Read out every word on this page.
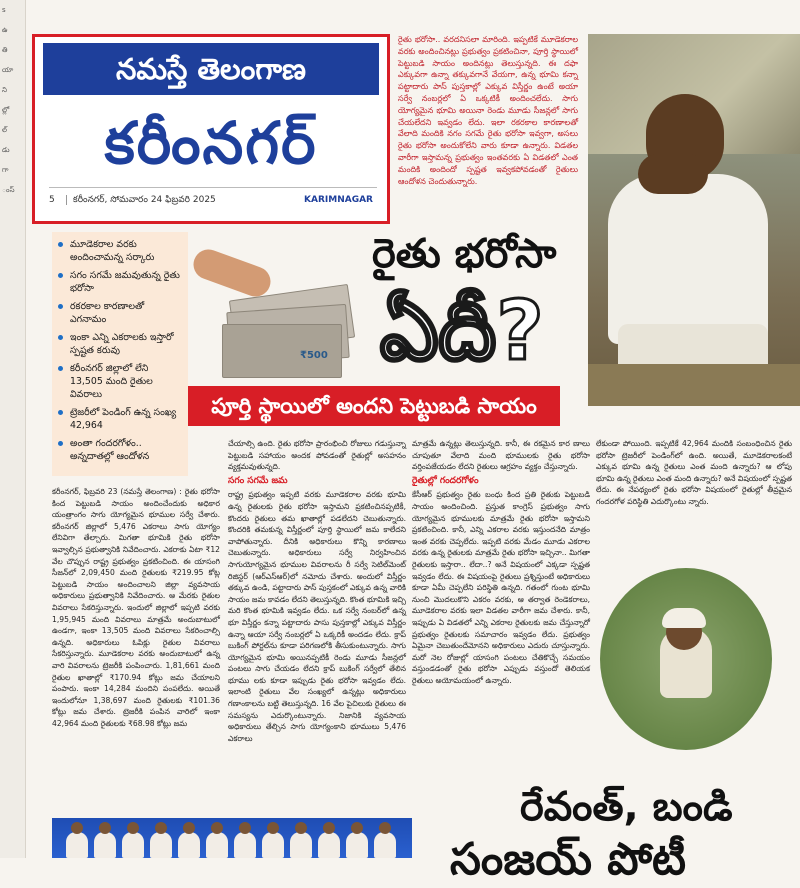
s
ఉ
తి
యా
ని
ల్లో
ల్
డు
గా
ంస్
నమస్తే తెలంగాణ
కరీంనగర్
5 కరీంనగర్, సోమవారం 24 ఫిబ్రవరి 2025	KARIMNAGAR
రైతు భరోసా.. వరదనిసలా మారింది. ఇప్పటికే మూడెకరాల వరకు అందించినట్లు ప్రభుత్వం ప్రకటించినా, పూర్తి స్థాయిలో పెట్టుబడి సాయం అందినట్లు తెలుస్తున్నది. ఈ దఫా ఎక్కువగా ఉన్నా తక్కువగానే వేయగా, ఉన్న భూమి కన్నా పట్టాదారు పాస్ పుస్తకాల్లో ఎక్కువ విస్తీర్ణం ఉంటే అయా సర్వే నంబర్లలో ఏ ఒక్కటికీ అందించలేదు. సాగు యోగ్యమైన భూమి అయినా రెండు మూడు సీజన్లలో సాగు చేయలేదని ఇవ్వడం లేదు. ఇలా రకరకాల కారణాలతో వేలాది మందికి నగం సగమే రైతు భరోసా ఇవ్వగా, అసలు రైతు భరోసా అందుకోలేని వారు కూడా ఉన్నారు. విడతల వారీగా ఇస్తామన్న ప్రభుత్వం ఇంతవరకు ఏ విడతలో ఎంత మందికి అందిందో స్పష్టత ఇవ్వకపోవడంతో రైతులు ఆందోళన చెందుతున్నారు.
మూడెకరాల వరకు అందించామన్న సర్కారు
సగం సగమే జమవుతున్న రైతు భరోసా
రకరకాల కారణాలతో ఎగనామం
ఇంకా ఎన్ని ఎకరాలకు ఇస్తారో స్పష్టత కరువు
కరీంనగర్ జిల్లాలో లేని 13,505 మంది రైతుల వివరాలు
ట్రెజరీలో పెండింగ్ ఉన్న సంఖ్య 42,964
అంతా గందరగోళం.. అన్నదాతల్లో ఆందోళన
₹500
రైతు భరోసా
ఏదీ?
పూర్తి స్థాయిలో అందని పెట్టుబడి సాయం
కరీంనగర్, ఫిబ్రవరి 23 (నమస్తే తెలంగాణ) : రైతు భరోసా కింద పెట్టుబడి సాయం అందించేందుకు అధికార యంత్రాంగం సాగు యోగ్యమైన భూముల సర్వే చేశారు. కరీంనగర్ జిల్లాలో 5,476 ఎకరాలు సాగు యోగ్యం లేనివిగా తేల్చారు. మిగతా భూమికి రైతు భరోసా ఇవ్వాల్సిన ప్రభుత్వానికి నివేదించారు. ఎకరాకు ఏటా ₹12 వేల చొప్పున రాష్ట్ర ప్రభుత్వం ప్రకటించింది. ఈ యాసంగి సీజన్‌లో 2,09,450 మంది రైతులకు ₹219.95 కోట్ల పెట్టుబడి సాయం అందించాలని జిల్లా వ్యవసాయ అధికారులు ప్రభుత్వానికి నివేదించారు. ఆ మేరకు రైతుల వివరాలు సేకరిస్తున్నారు. ఇందులో జిల్లాలో ఇప్పటి వరకు 1,95,945 మంది వివరాలు మాత్రమే అందుబాటులో ఉండగా, ఇంకా 13,505 మంది వివరాలు సేకరించాల్సి ఉన్నది. అధికారులు ఓపిక్లు రైతుల వివరాలు సేకరిస్తున్నారు. మూడెకరాల వరకు అందుబాటులో ఉన్న వారి వివరాలను ట్రెజరీకి పంపించారు. 1,81,661 మంది రైతుల ఖాతాల్లో ₹170.94 కోట్లు జమ చేయాలని పంపారు. ఇంకా 14,284 మందిని పంపలేదు. అయితే ఇందులోనూ 1,38,697 మంది రైతులకు ₹101.36 కోట్లు జమ చేశారు. ట్రెజరీకి పంపిన వారిలో ఇంకా 42,964 మంది రైతులకు ₹68.98 కోట్లు జమ
చేయాల్సి ఉంది. రైతు భరోసా ప్రారంభించి రోజులు గడుస్తున్నా పెట్టుబడి సహాయం అందక పోవడంతో రైతుల్లో అసహనం వ్యక్తమవుతున్నది.
సగం సగమే జమ
రాష్ట్ర ప్రభుత్వం ఇప్పటి వరకు మూడెకరాల వరకు భూమి ఉన్న రైతులకు రైతు భరోసా ఇస్తామని ప్రకటించినప్పటికీ, కొందరు రైతులు తమ ఖాతాల్లో పడలేదని చెబుతున్నారు. కొందరికి తమకున్న విస్తీర్ణంలో పూర్తి స్థాయిలో జమ కాలేదని వాపోతున్నారు. దీనికి అధికారులు కొన్ని కారణాలు చెబుతున్నారు. అధికారులు సర్వే నిర్వహించిన సాగుయోగ్యమైన భూముల వివరాలను రీ సర్వే సెటిల్‌మెంట్ రిజిస్టర్ (ఆర్ఎస్ఆర్)లో నమోదు చేశారు. అందులో విస్తీర్ణం తక్కువ ఉండి, పట్టాదారు పాస్ పుస్తకంలో ఎక్కువ ఉన్న వారికి సాయం జమ కావడం లేదని తెలుస్తున్నది. కొంత భూమికి ఇచ్చి మరి కొంత భూమికి ఇవ్వడం లేదు. ఒక సర్వే నంబర్‌లో ఉన్న భూ విస్తీర్ణం కన్నా పట్టాదారు పాసు పుస్తకాల్లో ఎక్కువ విస్తీర్ణం ఉన్నా ఆయా సర్వే నంబర్లలో ఏ ఒక్కరికీ అందడం లేదు. క్రాప్ బుకింగ్ పోర్టల్‌ను కూడా పరిగణలోకి తీసుకుంటున్నారు. సాగు యోగ్యమైన భూమి అయినప్పటికీ రెండు మూడు సీజన్లలో పంటలు సాగు చేయడం లేదని క్రాప్ బుకింగ్ సర్వేలో తేలిన భూము లకు కూడా ఇప్పుడు రైతు భరోసా ఇవ్వడం లేదు. ఇలాంటి రైతులు వేల సంఖ్యలో ఉన్నట్లు అధికారులు గణాంకాలను బట్టి తెలుస్తున్నది. 16 వేల పైచిలుకు రైతులు ఈ సమస్యను ఎదుర్కొంటున్నారు. నిజానికి వ్యవసాయ అధికారులు తేల్చిన సాగు యోగ్యంకాని భూములు 5,476 ఎకరాలు
మాత్రమే ఉన్నట్లు తెలుస్తున్నది. కానీ, ఈ రకమైన కార ణాలు చూపుతూ వేలాది మంది భూములకు రైతు భరోసా వర్తింపజేయడం లేదని రైతులు ఆగ్రహం వ్యక్తం చేస్తున్నారు.
రైతుల్లో గందరగోళం
కేసీఆర్ ప్రభుత్వం రైతు బంధు కింద ప్రతి రైతుకు పెట్టుబడి సాయం అందించింది. ప్రస్తుత కాంగ్రెస్ ప్రభుత్వం సాగు యోగ్యమైన భూములకు మాత్రమే రైతు భరోసా ఇస్తామని ప్రకటించింది. కానీ, ఎన్ని ఎకరాల వరకు ఇస్తుందనేది మాత్రం ఇంత వరకు చెప్పలేదు. ఇప్పటి వరకు మేడం మూడు ఎకరాల వరకు ఉన్న రైతులకు మాత్రమే రైతు భరోసా ఇచ్చినా.. మిగతా రైతులకు ఇస్తారా.. లేదా..? అనే విషయంలో ఎక్కడా స్పష్టత ఇవ్వడం లేదు. ఈ విషయంపై రైతులు ప్రశ్నిస్తుంటే అధికారులు కూడా ఏమీ చెప్పలేని పరిస్థితి ఉన్నది. గతంలో గుంట భూమి నుంచి మొదలుకొని ఎకరం వరకు, ఆ తర్వాత రెండెకరాలు, మూడెకరాల వరకు ఇలా విడతల వారీగా జమ చేశారు. కానీ, ఇప్పుడు ఏ విడతలో ఎన్ని ఎకరాల రైతులకు జమ చేస్తున్నారో ప్రభుత్వం రైతులకు సమాచారం ఇవ్వడం లేదు. ప్రభుత్వం ఏమైనా చెబుతుందేమోనని అధికారులు ఎదురు చూస్తున్నారు. మరో నెల రోజుల్లో యాసంగి పంటలు చేతికొచ్చే సమయం వస్తుండడంతో రైతు భరోసా ఎప్పుడు వస్తుందో తెలియక రైతులు అయోమయంలో ఉన్నారు.
లేకుండా పోయింది. ఇప్పటికే 42,964 మందికి సంబంధించిన రైతు భరోసా ట్రెజరీలో పెండింగ్‌లో ఉంది. అయితే, మూడెకరాలకంటే ఎక్కువ భూమి ఉన్న రైతులు ఎంత మంది ఉన్నారు? ఆ లోపు భూమి ఉన్న రైతులు ఎంత మంది ఉన్నారు? అనే విషయంలో స్పష్టత లేదు. ఈ నేపథ్యంలో రైతు భరోసా విషయంలో రైతుల్లో తీవ్రమైన గందరగోళ పరిస్థితి ఎదుర్కొంటు న్నారు.
రేవంత్, బండి
సంజయ్ పోటీ
